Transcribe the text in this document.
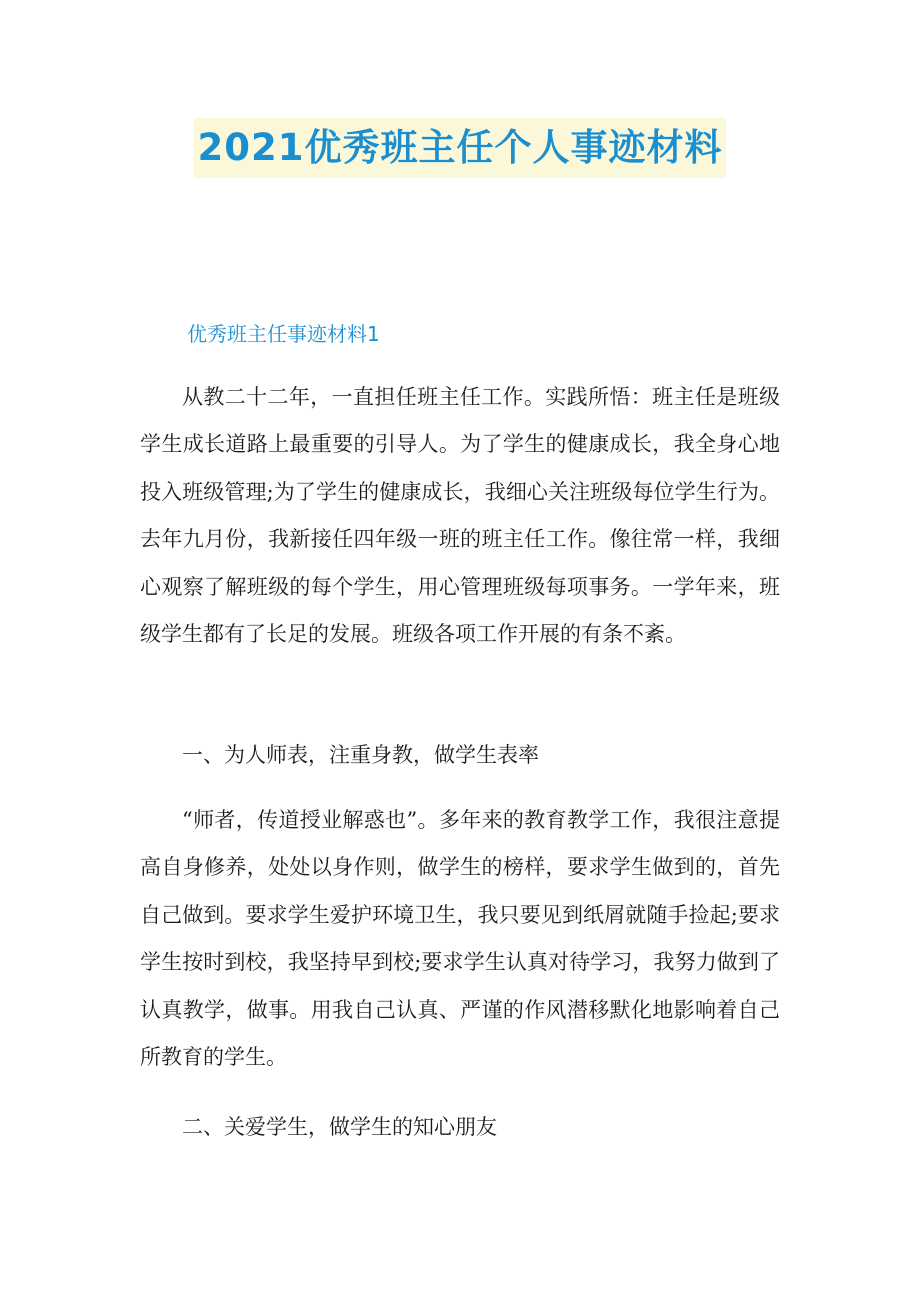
2021优秀班主任个人事迹材料
优秀班主任事迹材料1

从教二十二年，一直担任班主任工作。实践所悟：班主任是班级学生成长道路上最重要的引导人。为了学生的健康成长，我全身心地投入班级管理;为了学生的健康成长，我细心关注班级每位学生行为。去年九月份，我新接任四年级一班的班主任工作。像往常一样，我细心观察了解班级的每个学生，用心管理班级每项事务。一学年来，班级学生都有了长足的发展。班级各项工作开展的有条不紊。

一、为人师表，注重身教，做学生表率

“师者，传道授业解惑也”。多年来的教育教学工作，我很注意提高自身修养，处处以身作则，做学生的榜样，要求学生做到的，首先自己做到。要求学生爱护环境卫生，我只要见到纸屑就随手捡起;要求学生按时到校，我坚持早到校;要求学生认真对待学习，我努力做到了认真教学，做事。用我自己认真、严谨的作风潜移默化地影响着自己所教育的学生。

二、关爱学生，做学生的知心朋友
